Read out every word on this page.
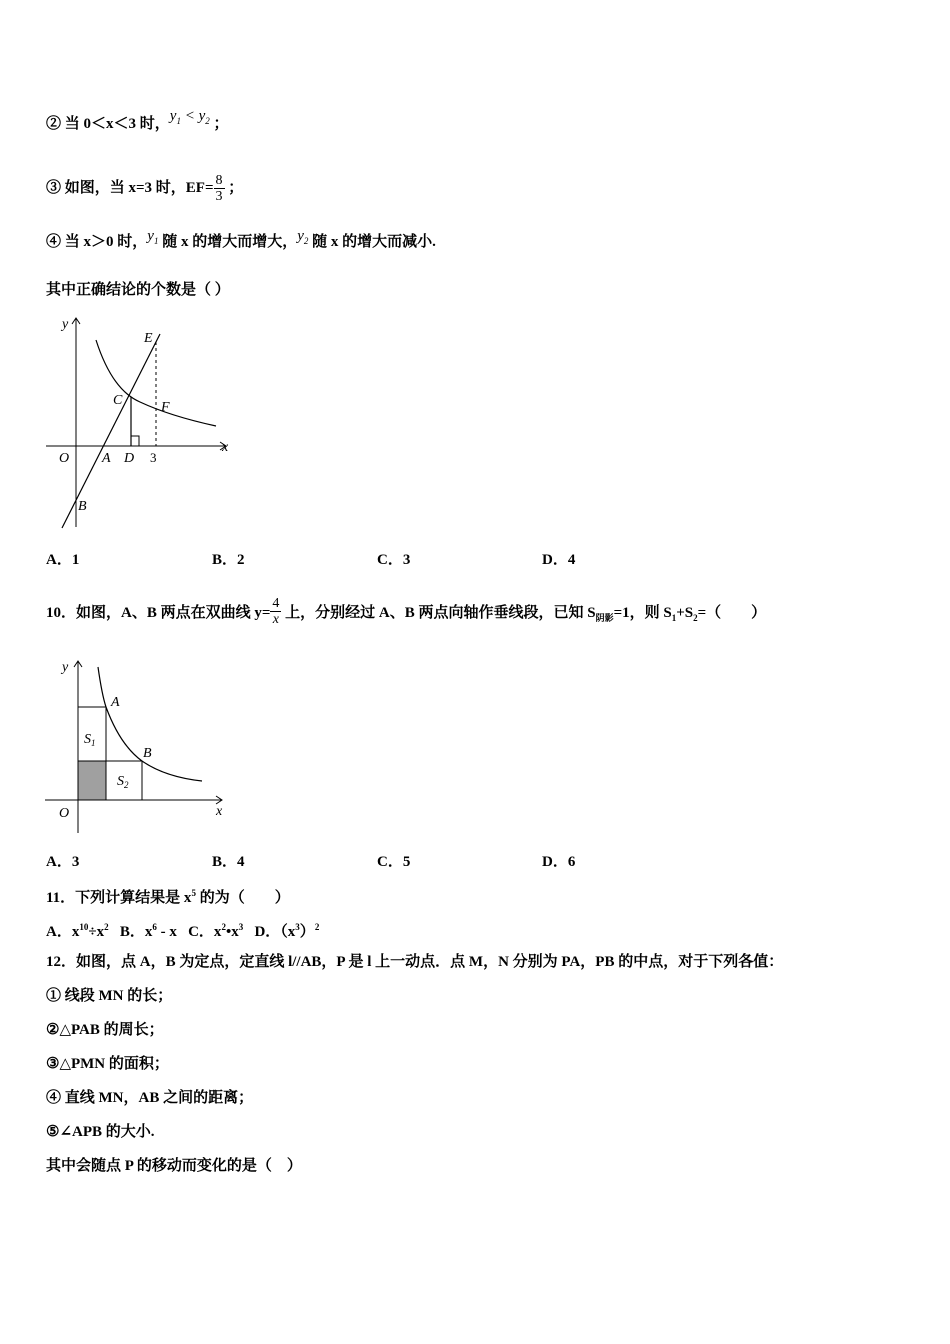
② 当 0＜x＜3 时，$y_1 < y_2$ ；
③ 如图，当 x=3 时，$EF= \frac{8}{3}$ ；
④ 当 x＞0 时，$y_1$ 随 x 的增大而增大，$y_2$ 随 x 的增大而减小.
其中正确结论的个数是（ ）
y
E
C	F
O A D 3
x
B
A．1	B．2	C．3	D．4
10．如图，A、B 两点在双曲线 $y= \frac{4}{x}$ 上，分别经过 A、B 两点向轴作垂线段，已知 $S_{阴影}=1$，则 $S_1+S_2=$（　　）
y
A
$S_1$
B
$S_2$
O	x
A．3	B．4	C．5	D．6
11．下列计算结果是 $x^5$ 的为（　　）
A．$x^{10}\div x^2$ B．$x^6$ - x C．$x^2•x^3$ D．$(x^3)^2$
12．如图，点 A，B 为定点，定直线 l//AB，P 是 l 上一动点．点 M，N 分别为 PA，PB 的中点，对于下列各值：
① 线段 MN 的长；
②△PAB 的周长；
③△PMN 的面积；
④ 直线 MN，AB 之间的距离；
⑤∠APB 的大小.
其中会随点 P 的移动而变化的是（　）
